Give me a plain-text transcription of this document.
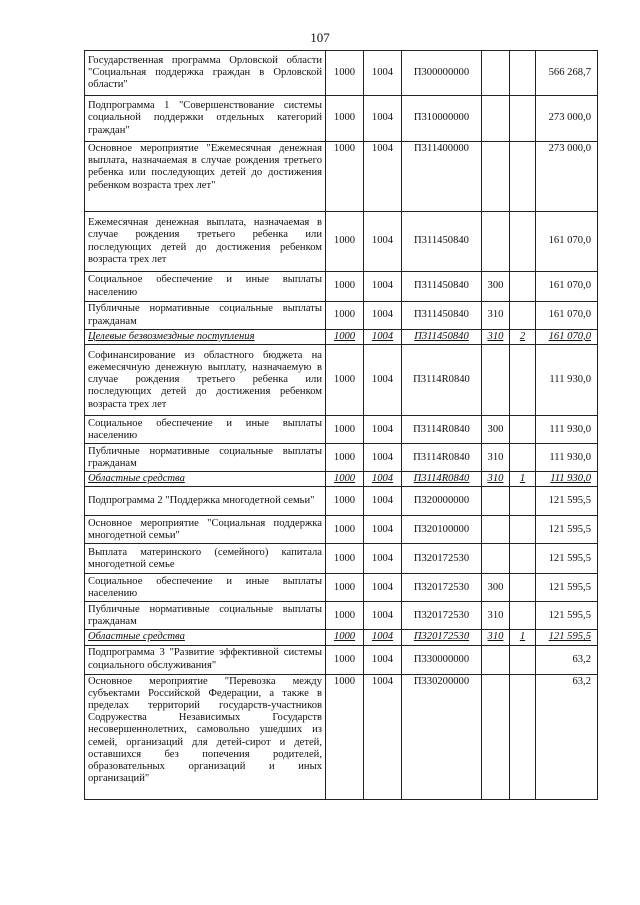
107
Государственная программа Орловской области "Социальная поддержка граждан в Орловской области"	1000	1004	П300000000			566 268,7
Подпрограмма 1 "Совершенствование системы социальной поддержки отдельных категорий граждан"	1000	1004	П310000000			273 000,0
Основное мероприятие "Ежемесячная денежная выплата, назначаемая в случае рождения третьего ребенка или последующих детей до достижения ребенком возраста трех лет"	1000	1004	П311400000			273 000,0
Ежемесячная денежная выплата, назначаемая в случае рождения третьего ребенка или последующих детей до достижения ребенком возраста трех лет	1000	1004	П311450840			161 070,0
Социальное обеспечение и иные выплаты населению	1000	1004	П311450840	300		161 070,0
Публичные нормативные социальные выплаты гражданам	1000	1004	П311450840	310		161 070,0
Целевые безвозмездные поступления	1000	1004	П311450840	310	2	161 070,0
Софинансирование из областного бюджета на ежемесячную денежную выплату, назначаемую в случае рождения третьего ребенка или последующих детей до достижения ребенком возраста трех лет	1000	1004	П3114R0840			111 930,0
Социальное обеспечение и иные выплаты населению	1000	1004	П3114R0840	300		111 930,0
Публичные нормативные социальные выплаты гражданам	1000	1004	П3114R0840	310		111 930,0
Областные средства	1000	1004	П3114R0840	310	1	111 930,0
Подпрограмма 2 "Поддержка многодетной семьи"	1000	1004	П320000000			121 595,5
Основное мероприятие "Социальная поддержка многодетной семьи"	1000	1004	П320100000			121 595,5
Выплата материнского (семейного) капитала многодетной семье	1000	1004	П320172530			121 595,5
Социальное обеспечение и иные выплаты населению	1000	1004	П320172530	300		121 595,5
Публичные нормативные социальные выплаты гражданам	1000	1004	П320172530	310		121 595,5
Областные средства	1000	1004	П320172530	310	1	121 595,5
Подпрограмма 3 "Развитие эффективной системы социального обслуживания"	1000	1004	П330000000			63,2
Основное мероприятие "Перевозка между субъектами Российской Федерации, а также в пределах территорий государств-участников Содружества Независимых Государств несовершеннолетних, самовольно ушедших из семей, организаций для детей-сирот и детей, оставшихся без попечения родителей, образовательных организаций и иных организаций"	1000	1004	П330200000			63,2
